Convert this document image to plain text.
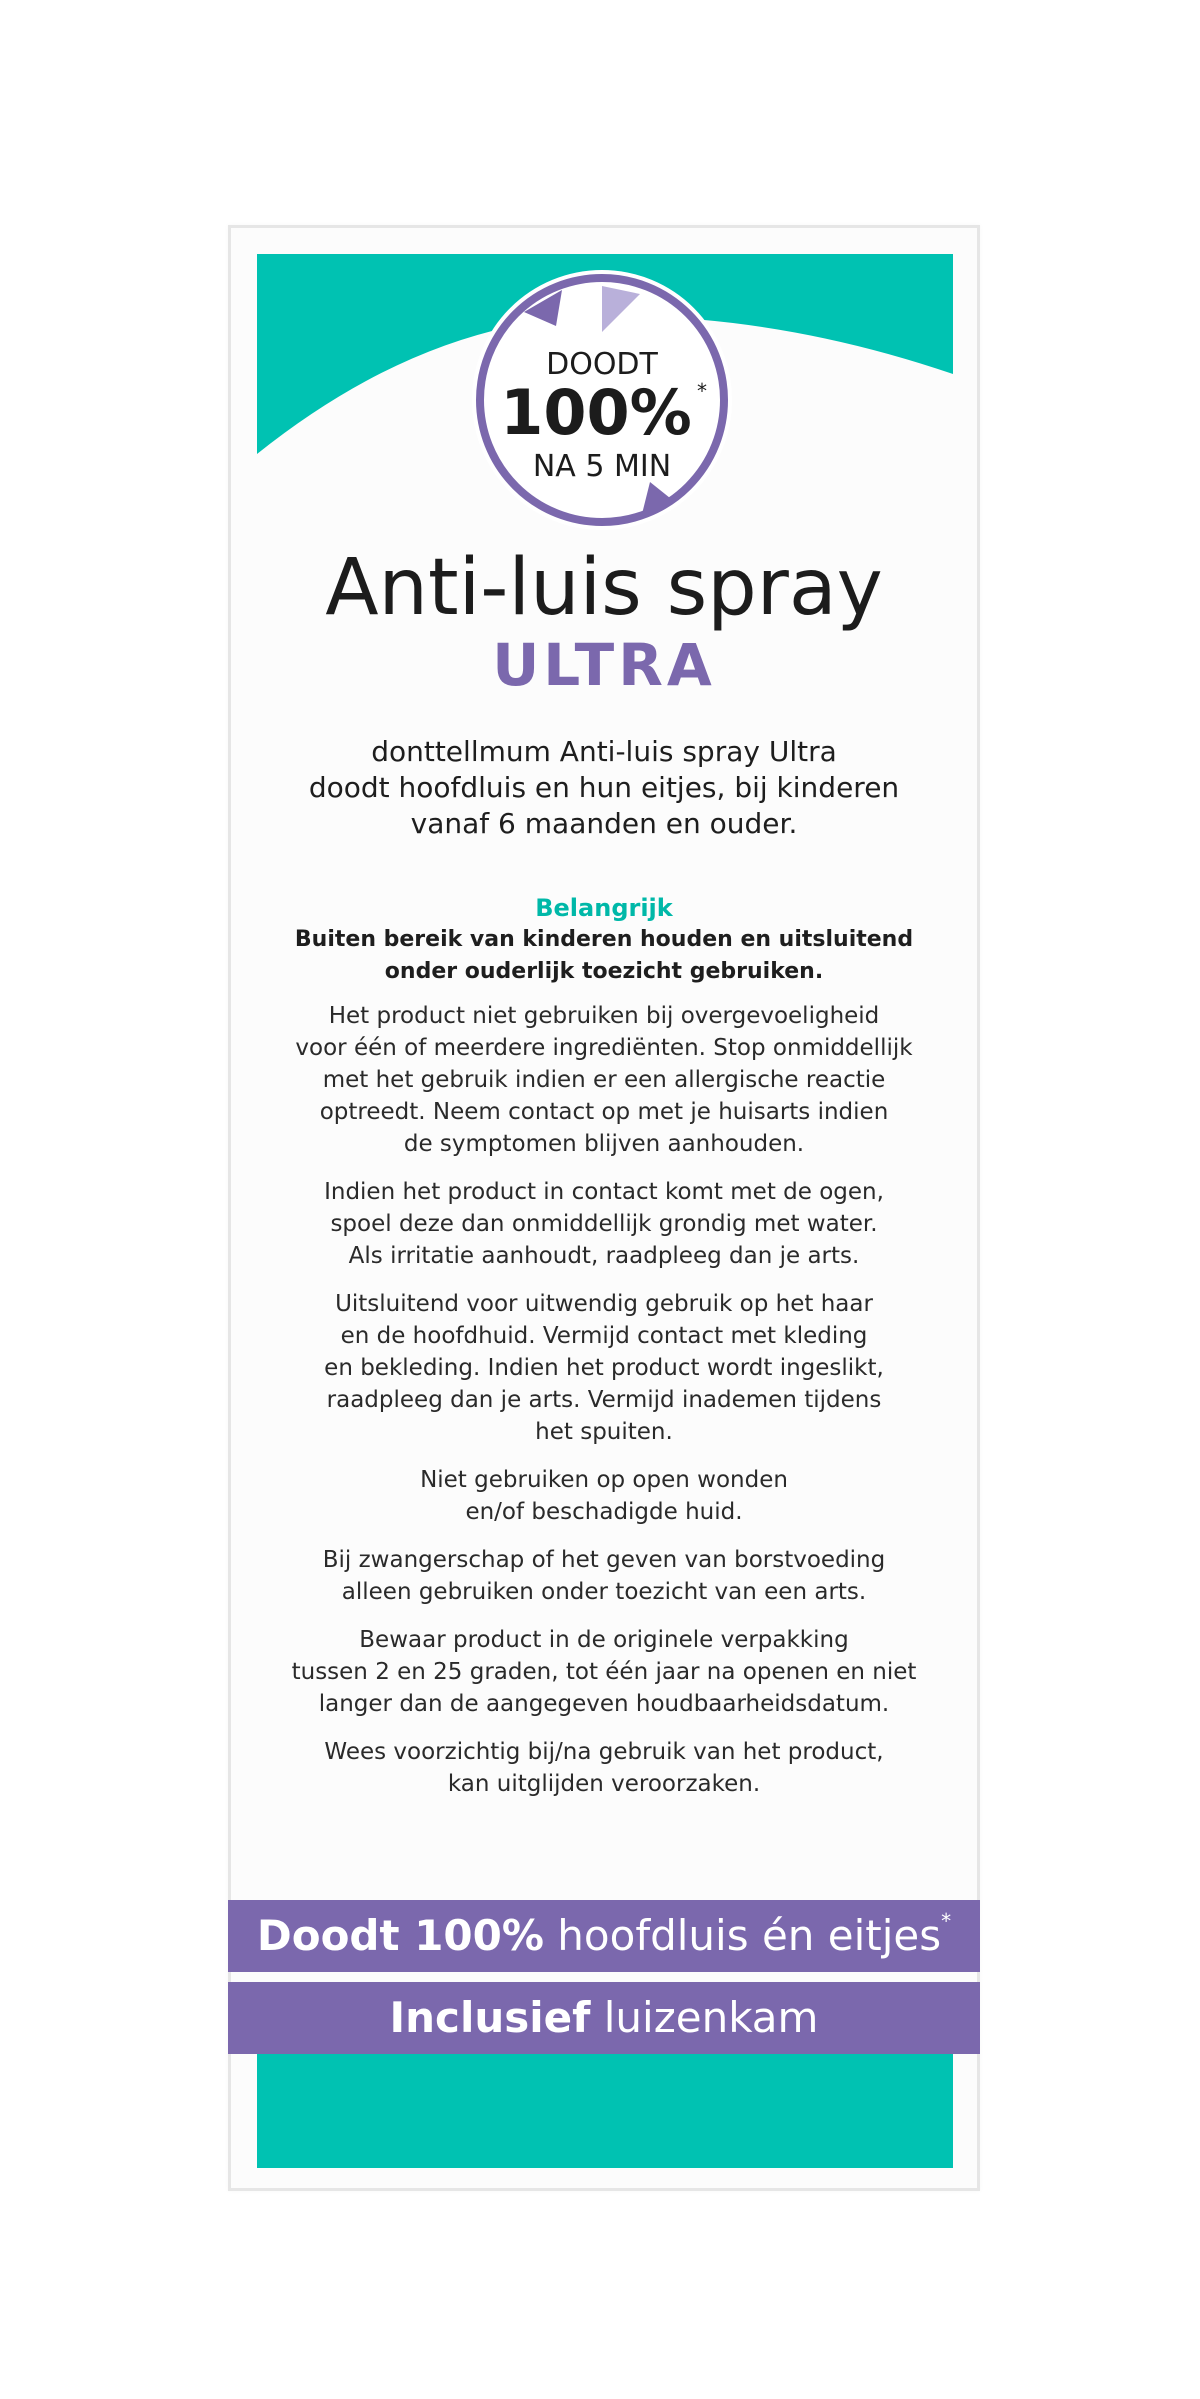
DOODT
100% *
NA 5 MIN
Anti-luis spray
ULTRA
donttellmum Anti-luis spray Ultra
doodt hoofdluis en hun eitjes, bij kinderen
vanaf 6 maanden en ouder.
Belangrijk
Buiten bereik van kinderen houden en uitsluitend
onder ouderlijk toezicht gebruiken.

Het product niet gebruiken bij overgevoeligheid
voor één of meerdere ingrediënten. Stop onmiddellijk
met het gebruik indien er een allergische reactie
optreedt. Neem contact op met je huisarts indien
de symptomen blijven aanhouden.

Indien het product in contact komt met de ogen,
spoel deze dan onmiddellijk grondig met water.
Als irritatie aanhoudt, raadpleeg dan je arts.

Uitsluitend voor uitwendig gebruik op het haar
en de hoofdhuid. Vermijd contact met kleding
en bekleding. Indien het product wordt ingeslikt,
raadpleeg dan je arts. Vermijd inademen tijdens
het spuiten.

Niet gebruiken op open wonden
en/of beschadigde huid.

Bij zwangerschap of het geven van borstvoeding
alleen gebruiken onder toezicht van een arts.

Bewaar product in de originele verpakking
tussen 2 en 25 graden, tot één jaar na openen en niet
langer dan de aangegeven houdbaarheidsdatum.

Wees voorzichtig bij/na gebruik van het product,
kan uitglijden veroorzaken.

Doodt 100% hoofdluis én eitjes*
Inclusief luizenkam
